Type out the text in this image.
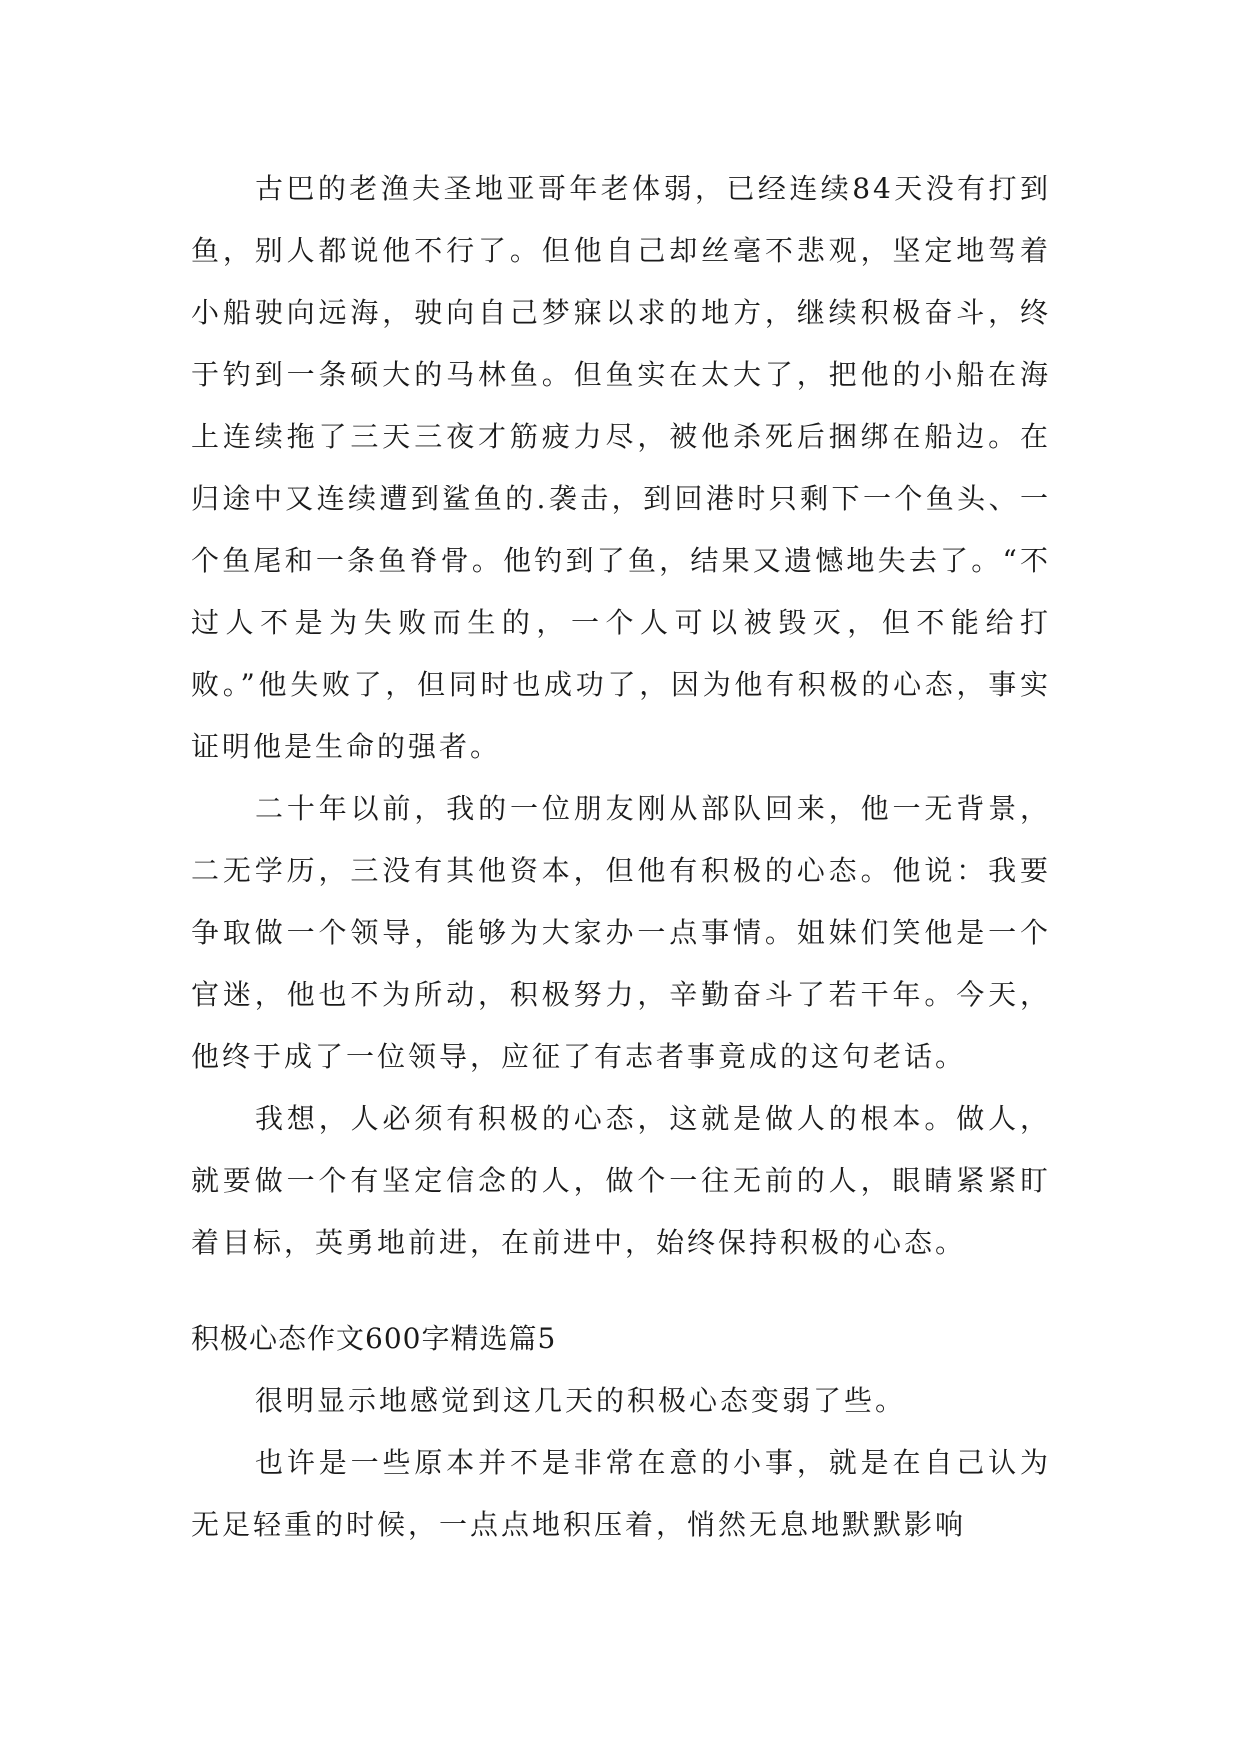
古巴的老渔夫圣地亚哥年老体弱，已经连续84天没有打到鱼，别人都说他不行了。但他自己却丝毫不悲观，坚定地驾着小船驶向远海，驶向自己梦寐以求的地方，继续积极奋斗，终于钓到一条硕大的马林鱼。但鱼实在太大了，把他的小船在海上连续拖了三天三夜才筋疲力尽，被他杀死后捆绑在船边。在归途中又连续遭到鲨鱼的.袭击，到回港时只剩下一个鱼头、一个鱼尾和一条鱼脊骨。他钓到了鱼，结果又遗憾地失去了。“不过人不是为失败而生的，一个人可以被毁灭，但不能给打败。”他失败了，但同时也成功了，因为他有积极的心态，事实证明他是生命的强者。

二十年以前，我的一位朋友刚从部队回来，他一无背景，二无学历，三没有其他资本，但他有积极的心态。他说：我要争取做一个领导，能够为大家办一点事情。姐妹们笑他是一个官迷，他也不为所动，积极努力，辛勤奋斗了若干年。今天，他终于成了一位领导，应征了有志者事竟成的这句老话。

我想，人必须有积极的心态，这就是做人的根本。做人，就要做一个有坚定信念的人，做个一往无前的人，眼睛紧紧盯着目标，英勇地前进，在前进中，始终保持积极的心态。

积极心态作文600字精选篇5

很明显示地感觉到这几天的积极心态变弱了些。

也许是一些原本并不是非常在意的小事，就是在自己认为无足轻重的时候，一点点地积压着，悄然无息地默默影响
